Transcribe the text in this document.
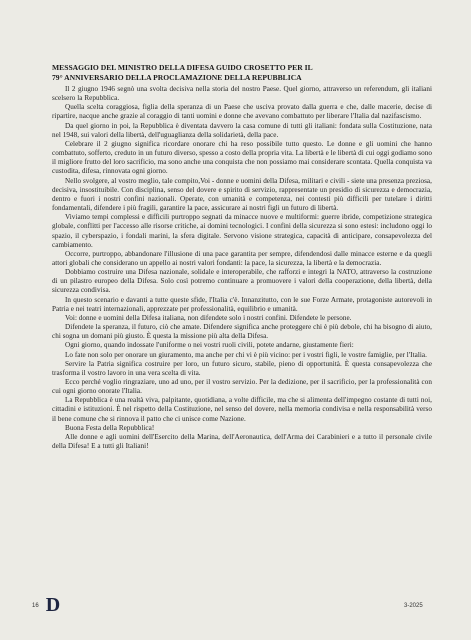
MESSAGGIO DEL MINISTRO DELLA DIFESA GUIDO CROSETTO PER IL
79° ANNIVERSARIO DELLA PROCLAMAZIONE DELLA REPUBBLICA

Il 2 giugno 1946 segnò una svolta decisiva nella storia del nostro Paese. Quel giorno, attraverso un referendum, gli italiani scelsero la Repubblica.

Quella scelta coraggiosa, figlia della speranza di un Paese che usciva provato dalla guerra e che, dalle macerie, decise di ripartire, nacque anche grazie al coraggio di tanti uomini e donne che avevano combattuto per liberare l'Italia dal nazifascismo.

Da quel giorno in poi, la Repubblica è diventata davvero la casa comune di tutti gli italiani: fondata sulla Costituzione, nata nel 1948, sui valori della libertà, dell'uguaglianza della solidarietà, della pace.

Celebrare il 2 giugno significa ricordare onorare chi ha reso possibile tutto questo. Le donne e gli uomini che hanno combattuto, sofferto, creduto in un futuro diverso, spesso a costo della propria vita. La libertà e le libertà di cui oggi godiamo sono il migliore frutto del loro sacrificio, ma sono anche una conquista che non possiamo mai considerare scontata. Quella conquista va custodita, difesa, rinnovata ogni giorno.

Nello svolgere, al vostro meglio, tale compito,Voi - donne e uomini della Difesa, militari e civili - siete una presenza preziosa, decisiva, insostituibile. Con disciplina, senso del dovere e spirito di servizio, rappresentate un presidio di sicurezza e democrazia, dentro e fuori i nostri confini nazionali. Operate, con umanità e competenza, nei contesti più difficili per tutelare i diritti fondamentali, difendere i più fragili, garantire la pace, assicurare ai nostri figli un futuro di libertà.

Viviamo tempi complessi e difficili purtroppo segnati da minacce nuove e multiformi: guerre ibride, competizione strategica globale, conflitti per l'accesso alle risorse critiche, ai domini tecnologici. I confini della sicurezza si sono estesi: includono oggi lo spazio, il cyberspazio, i fondali marini, la sfera digitale. Servono visione strategica, capacità di anticipare, consapevolezza del cambiamento.

Occorre, purtroppo, abbandonare l'illusione di una pace garantita per sempre, difendendosi dalle minacce esterne e da quegli attori globali che considerano un appello ai nostri valori fondanti: la pace, la sicurezza, la libertà e la democrazia.

Dobbiamo costruire una Difesa nazionale, solidale e interoperabile, che rafforzi e integri la NATO, attraverso la costruzione di un pilastro europeo della Difesa. Solo così potremo continuare a promuovere i valori della cooperazione, della libertà, della sicurezza condivisa.

In questo scenario e davanti a tutte queste sfide, l'Italia c'è. Innanzitutto, con le sue Forze Armate, protagoniste autorevoli in Patria e nei teatri internazionali, apprezzate per professionalità, equilibrio e umanità.

Voi: donne e uomini della Difesa italiana, non difendete solo i nostri confini. Difendete le persone.

Difendete la speranza, il futuro, ciò che amate. Difendere significa anche proteggere chi è più debole, chi ha bisogno di aiuto, chi sogna un domani più giusto. È questa la missione più alta della Difesa.

Ogni giorno, quando indossate l'uniforme o nei vostri ruoli civili, potete andarne, giustamente fieri:

Lo fate non solo per onorare un giuramento, ma anche per chi vi è più vicino: per i vostri figli, le vostre famiglie, per l'Italia.

Servire la Patria significa costruire per loro, un futuro sicuro, stabile, pieno di opportunità. È questa consapevolezza che trasforma il vostro lavoro in una vera scelta di vita.

Ecco perché voglio ringraziare, uno ad uno, per il vostro servizio. Per la dedizione, per il sacrificio, per la professionalità con cui ogni giorno onorate l'Italia.

La Repubblica è una realtà viva, palpitante, quotidiana, a volte difficile, ma che si alimenta dell'impegno costante di tutti noi, cittadini e istituzioni. È nel rispetto della Costituzione, nel senso del dovere, nella memoria condivisa e nella responsabilità verso il bene comune che si rinnova il patto che ci unisce come Nazione.

Buona Festa della Repubblica!

Alle donne e agli uomini dell'Esercito della Marina, dell'Aeronautica, dell'Arma dei Carabinieri e a tutto il personale civile della Difesa! E a tutti gli Italiani!

16 D	3-2025
